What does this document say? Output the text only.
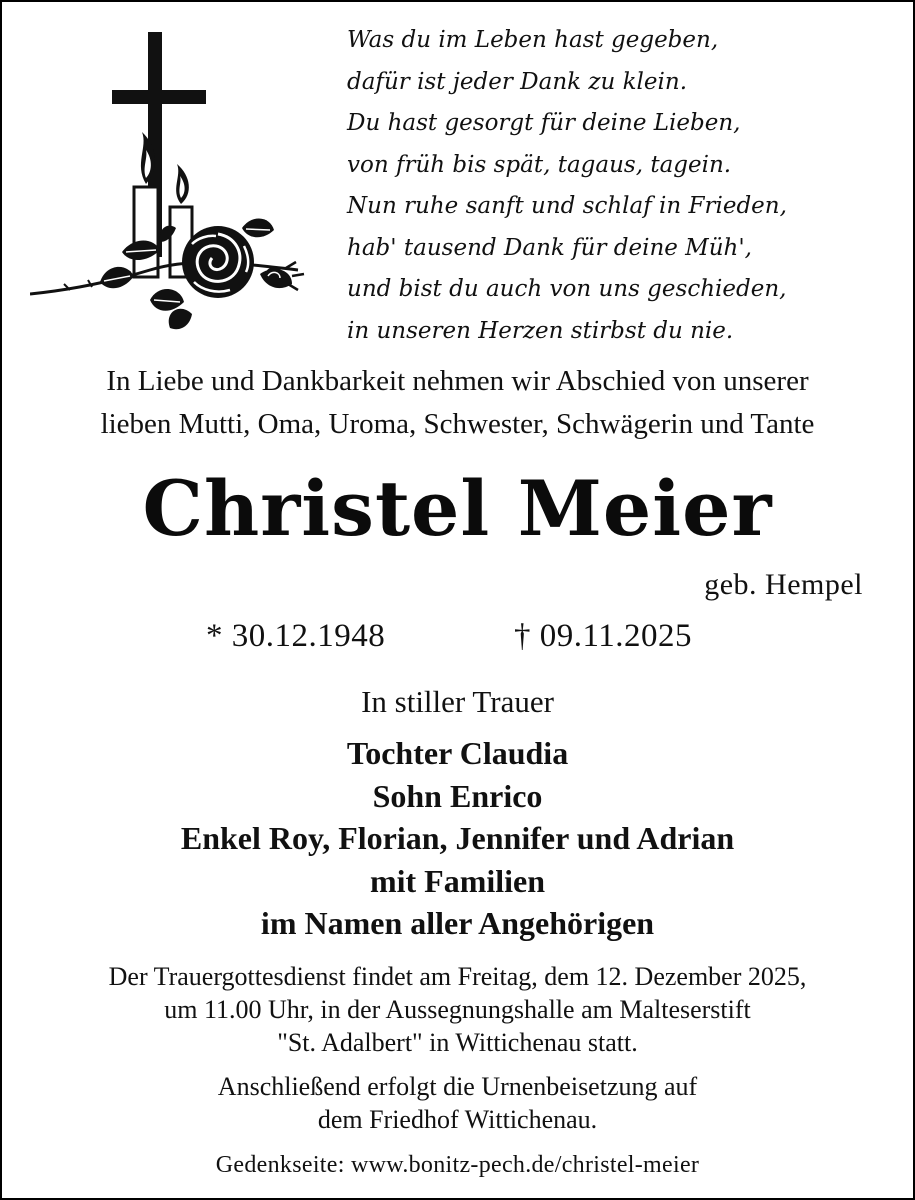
Was du im Leben hast gegeben,
dafür ist jeder Dank zu klein.
Du hast gesorgt für deine Lieben,
von früh bis spät, tagaus, tagein.
Nun ruhe sanft und schlaf in Frieden,
hab' tausend Dank für deine Müh',
und bist du auch von uns geschieden,
in unseren Herzen stirbst du nie.
In Liebe und Dankbarkeit nehmen wir Abschied von unserer
lieben Mutti, Oma, Uroma, Schwester, Schwägerin und Tante
Christel Meier
geb. Hempel
* 30.12.1948	† 09.11.2025
In stiller Trauer
Tochter Claudia
Sohn Enrico
Enkel Roy, Florian, Jennifer und Adrian
mit Familien
im Namen aller Angehörigen
Der Trauergottesdienst findet am Freitag, dem 12. Dezember 2025,
um 11.00 Uhr, in der Aussegnungshalle am Malteserstift
"St. Adalbert" in Wittichenau statt.
Anschließend erfolgt die Urnenbeisetzung auf
dem Friedhof Wittichenau.
Gedenkseite: www.bonitz-pech.de/christel-meier
